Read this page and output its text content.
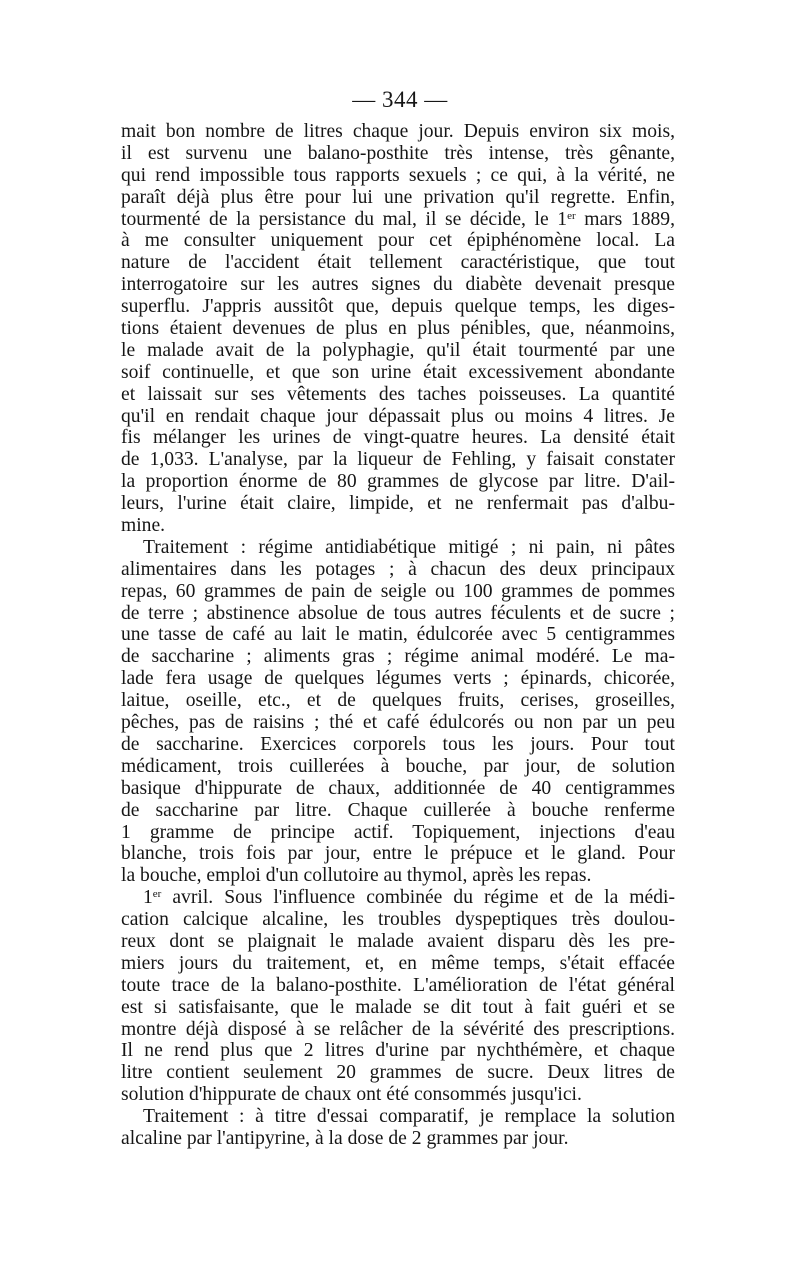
— 344 —
mait bon nombre de litres chaque jour. Depuis environ six mois,
il est survenu une balano-posthite très intense, très gênante,
qui rend impossible tous rapports sexuels ; ce qui, à la vérité, ne
paraît déjà plus être pour lui une privation qu'il regrette. Enfin,
tourmenté de la persistance du mal, il se décide, le 1er mars 1889,
à me consulter uniquement pour cet épiphénomène local. La
nature de l'accident était tellement caractéristique, que tout
interrogatoire sur les autres signes du diabète devenait presque
superflu. J'appris aussitôt que, depuis quelque temps, les diges-
tions étaient devenues de plus en plus pénibles, que, néanmoins,
le malade avait de la polyphagie, qu'il était tourmenté par une
soif continuelle, et que son urine était excessivement abondante
et laissait sur ses vêtements des taches poisseuses. La quantité
qu'il en rendait chaque jour dépassait plus ou moins 4 litres. Je
fis mélanger les urines de vingt-quatre heures. La densité était
de 1,033. L'analyse, par la liqueur de Fehling, y faisait constater
la proportion énorme de 80 grammes de glycose par litre. D'ail-
leurs, l'urine était claire, limpide, et ne renfermait pas d'albu-
mine.
Traitement : régime antidiabétique mitigé ; ni pain, ni pâtes
alimentaires dans les potages ; à chacun des deux principaux
repas, 60 grammes de pain de seigle ou 100 grammes de pommes
de terre ; abstinence absolue de tous autres féculents et de sucre ;
une tasse de café au lait le matin, édulcorée avec 5 centigrammes
de saccharine ; aliments gras ; régime animal modéré. Le ma-
lade fera usage de quelques légumes verts ; épinards, chicorée,
laitue, oseille, etc., et de quelques fruits, cerises, groseilles,
pêches, pas de raisins ; thé et café édulcorés ou non par un peu
de saccharine. Exercices corporels tous les jours. Pour tout
médicament, trois cuillerées à bouche, par jour, de solution
basique d'hippurate de chaux, additionnée de 40 centigrammes
de saccharine par litre. Chaque cuillerée à bouche renferme
1 gramme de principe actif. Topiquement, injections d'eau
blanche, trois fois par jour, entre le prépuce et le gland. Pour
la bouche, emploi d'un collutoire au thymol, après les repas.
1er avril. Sous l'influence combinée du régime et de la médi-
cation calcique alcaline, les troubles dyspeptiques très doulou-
reux dont se plaignait le malade avaient disparu dès les pre-
miers jours du traitement, et, en même temps, s'était effacée
toute trace de la balano-posthite. L'amélioration de l'état général
est si satisfaisante, que le malade se dit tout à fait guéri et se
montre déjà disposé à se relâcher de la sévérité des prescriptions.
Il ne rend plus que 2 litres d'urine par nychthémère, et chaque
litre contient seulement 20 grammes de sucre. Deux litres de
solution d'hippurate de chaux ont été consommés jusqu'ici.
Traitement : à titre d'essai comparatif, je remplace la solution
alcaline par l'antipyrine, à la dose de 2 grammes par jour.
